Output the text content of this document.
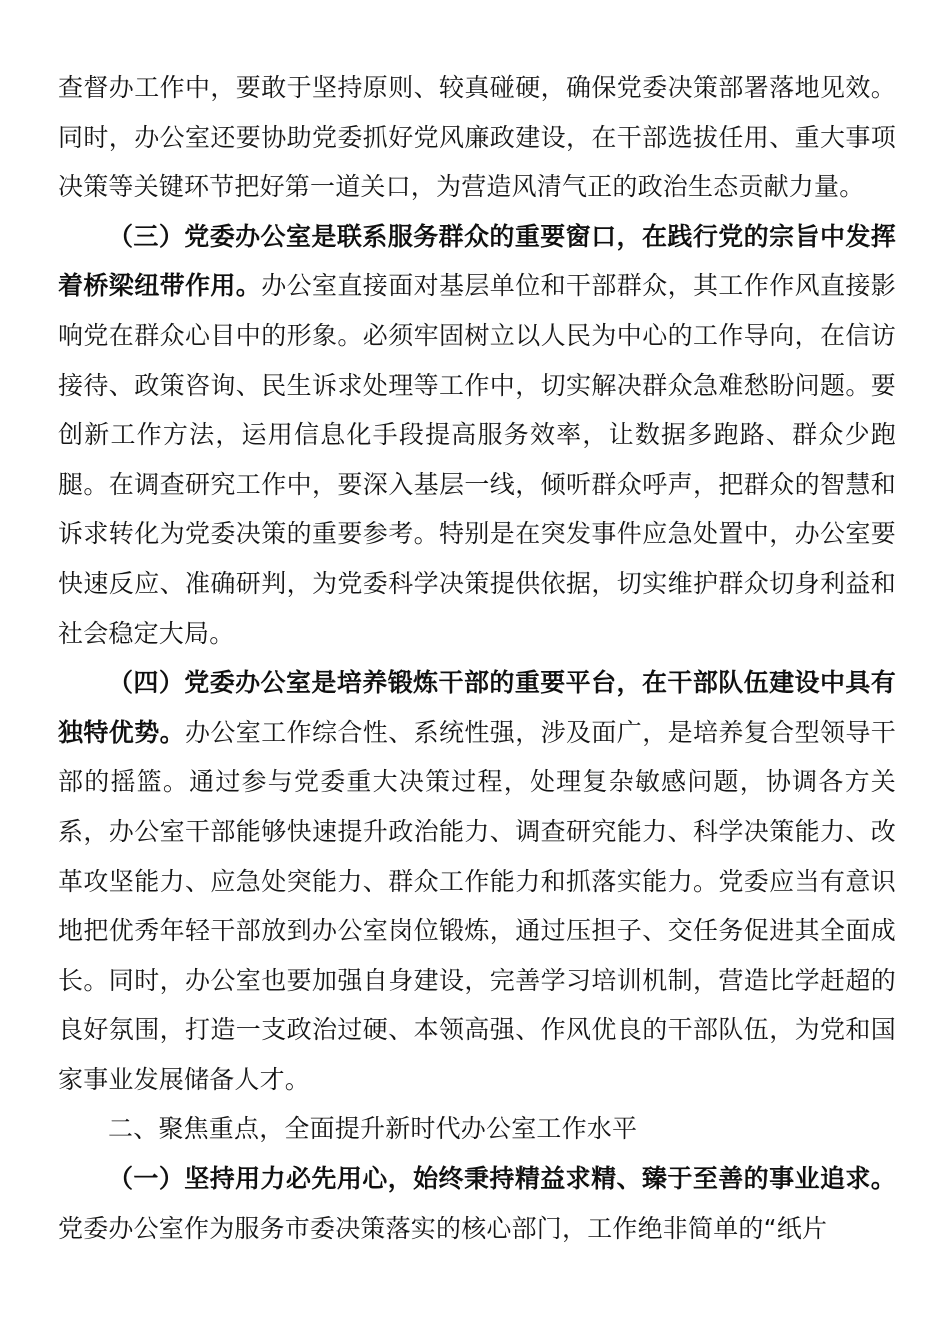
查督办工作中，要敢于坚持原则、较真碰硬，确保党委决策部署落地见效。同时，办公室还要协助党委抓好党风廉政建设，在干部选拔任用、重大事项决策等关键环节把好第一道关口，为营造风清气正的政治生态贡献力量。

（三）党委办公室是联系服务群众的重要窗口，在践行党的宗旨中发挥着桥梁纽带作用。办公室直接面对基层单位和干部群众，其工作作风直接影响党在群众心目中的形象。必须牢固树立以人民为中心的工作导向，在信访接待、政策咨询、民生诉求处理等工作中，切实解决群众急难愁盼问题。要创新工作方法，运用信息化手段提高服务效率，让数据多跑路、群众少跑腿。在调查研究工作中，要深入基层一线，倾听群众呼声，把群众的智慧和诉求转化为党委决策的重要参考。特别是在突发事件应急处置中，办公室要快速反应、准确研判，为党委科学决策提供依据，切实维护群众切身利益和社会稳定大局。

（四）党委办公室是培养锻炼干部的重要平台，在干部队伍建设中具有独特优势。办公室工作综合性、系统性强，涉及面广，是培养复合型领导干部的摇篮。通过参与党委重大决策过程，处理复杂敏感问题，协调各方关系，办公室干部能够快速提升政治能力、调查研究能力、科学决策能力、改革攻坚能力、应急处突能力、群众工作能力和抓落实能力。党委应当有意识地把优秀年轻干部放到办公室岗位锻炼，通过压担子、交任务促进其全面成长。同时，办公室也要加强自身建设，完善学习培训机制，营造比学赶超的良好氛围，打造一支政治过硬、本领高强、作风优良的干部队伍，为党和国家事业发展储备人才。

二、聚焦重点，全面提升新时代办公室工作水平

（一）坚持用力必先用心，始终秉持精益求精、臻于至善的事业追求。党委办公室作为服务市委决策落实的核心部门，工作绝非简单的“纸片
